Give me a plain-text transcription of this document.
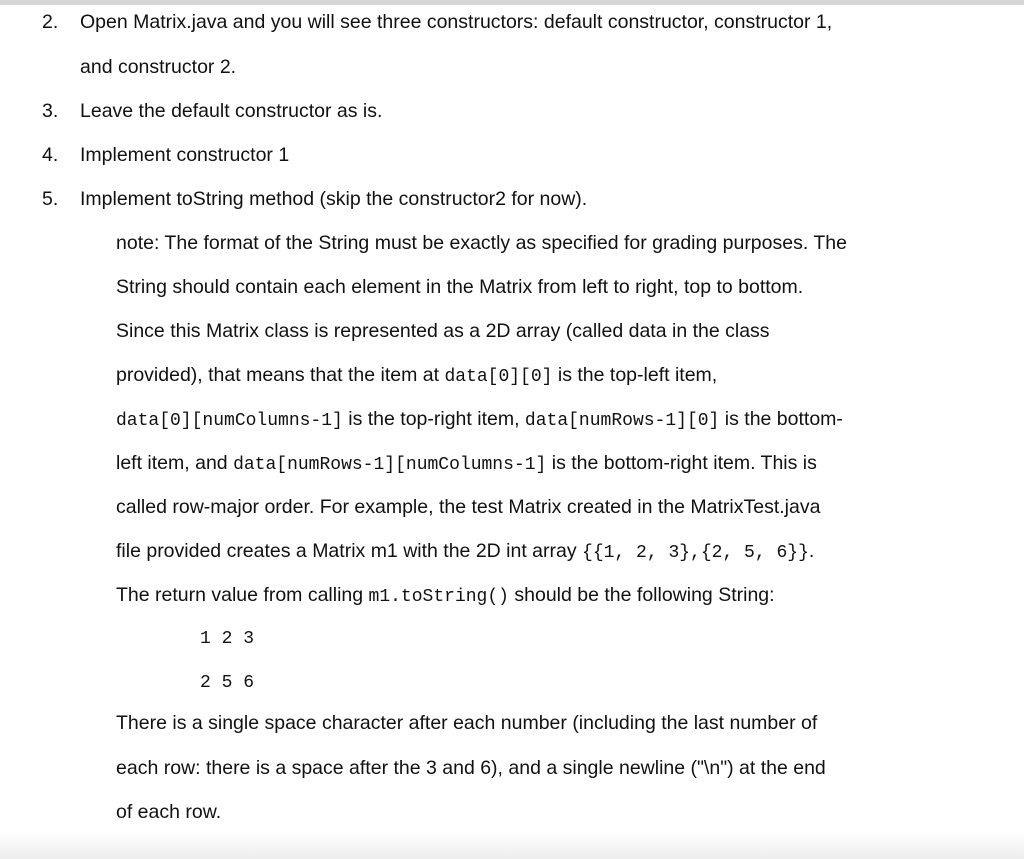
2. Open Matrix.java and you will see three constructors: default constructor, constructor 1,
and constructor 2.
3. Leave the default constructor as is.
4. Implement constructor 1
5. Implement toString method (skip the constructor2 for now).
note: The format of the String must be exactly as specified for grading purposes. The
String should contain each element in the Matrix from left to right, top to bottom.
Since this Matrix class is represented as a 2D array (called data in the class
provided), that means that the item at data[0][0] is the top-left item,
data[0][numColumns-1] is the top-right item, data[numRows-1][0] is the bottom-
left item, and data[numRows-1][numColumns-1] is the bottom-right item. This is
called row-major order. For example, the test Matrix created in the MatrixTest.java
file provided creates a Matrix m1 with the 2D int array {{1, 2, 3},{2, 5, 6}}.
The return value from calling m1.toString() should be the following String:
1 2 3
2 5 6
There is a single space character after each number (including the last number of
each row: there is a space after the 3 and 6), and a single newline ("\n") at the end
of each row.
